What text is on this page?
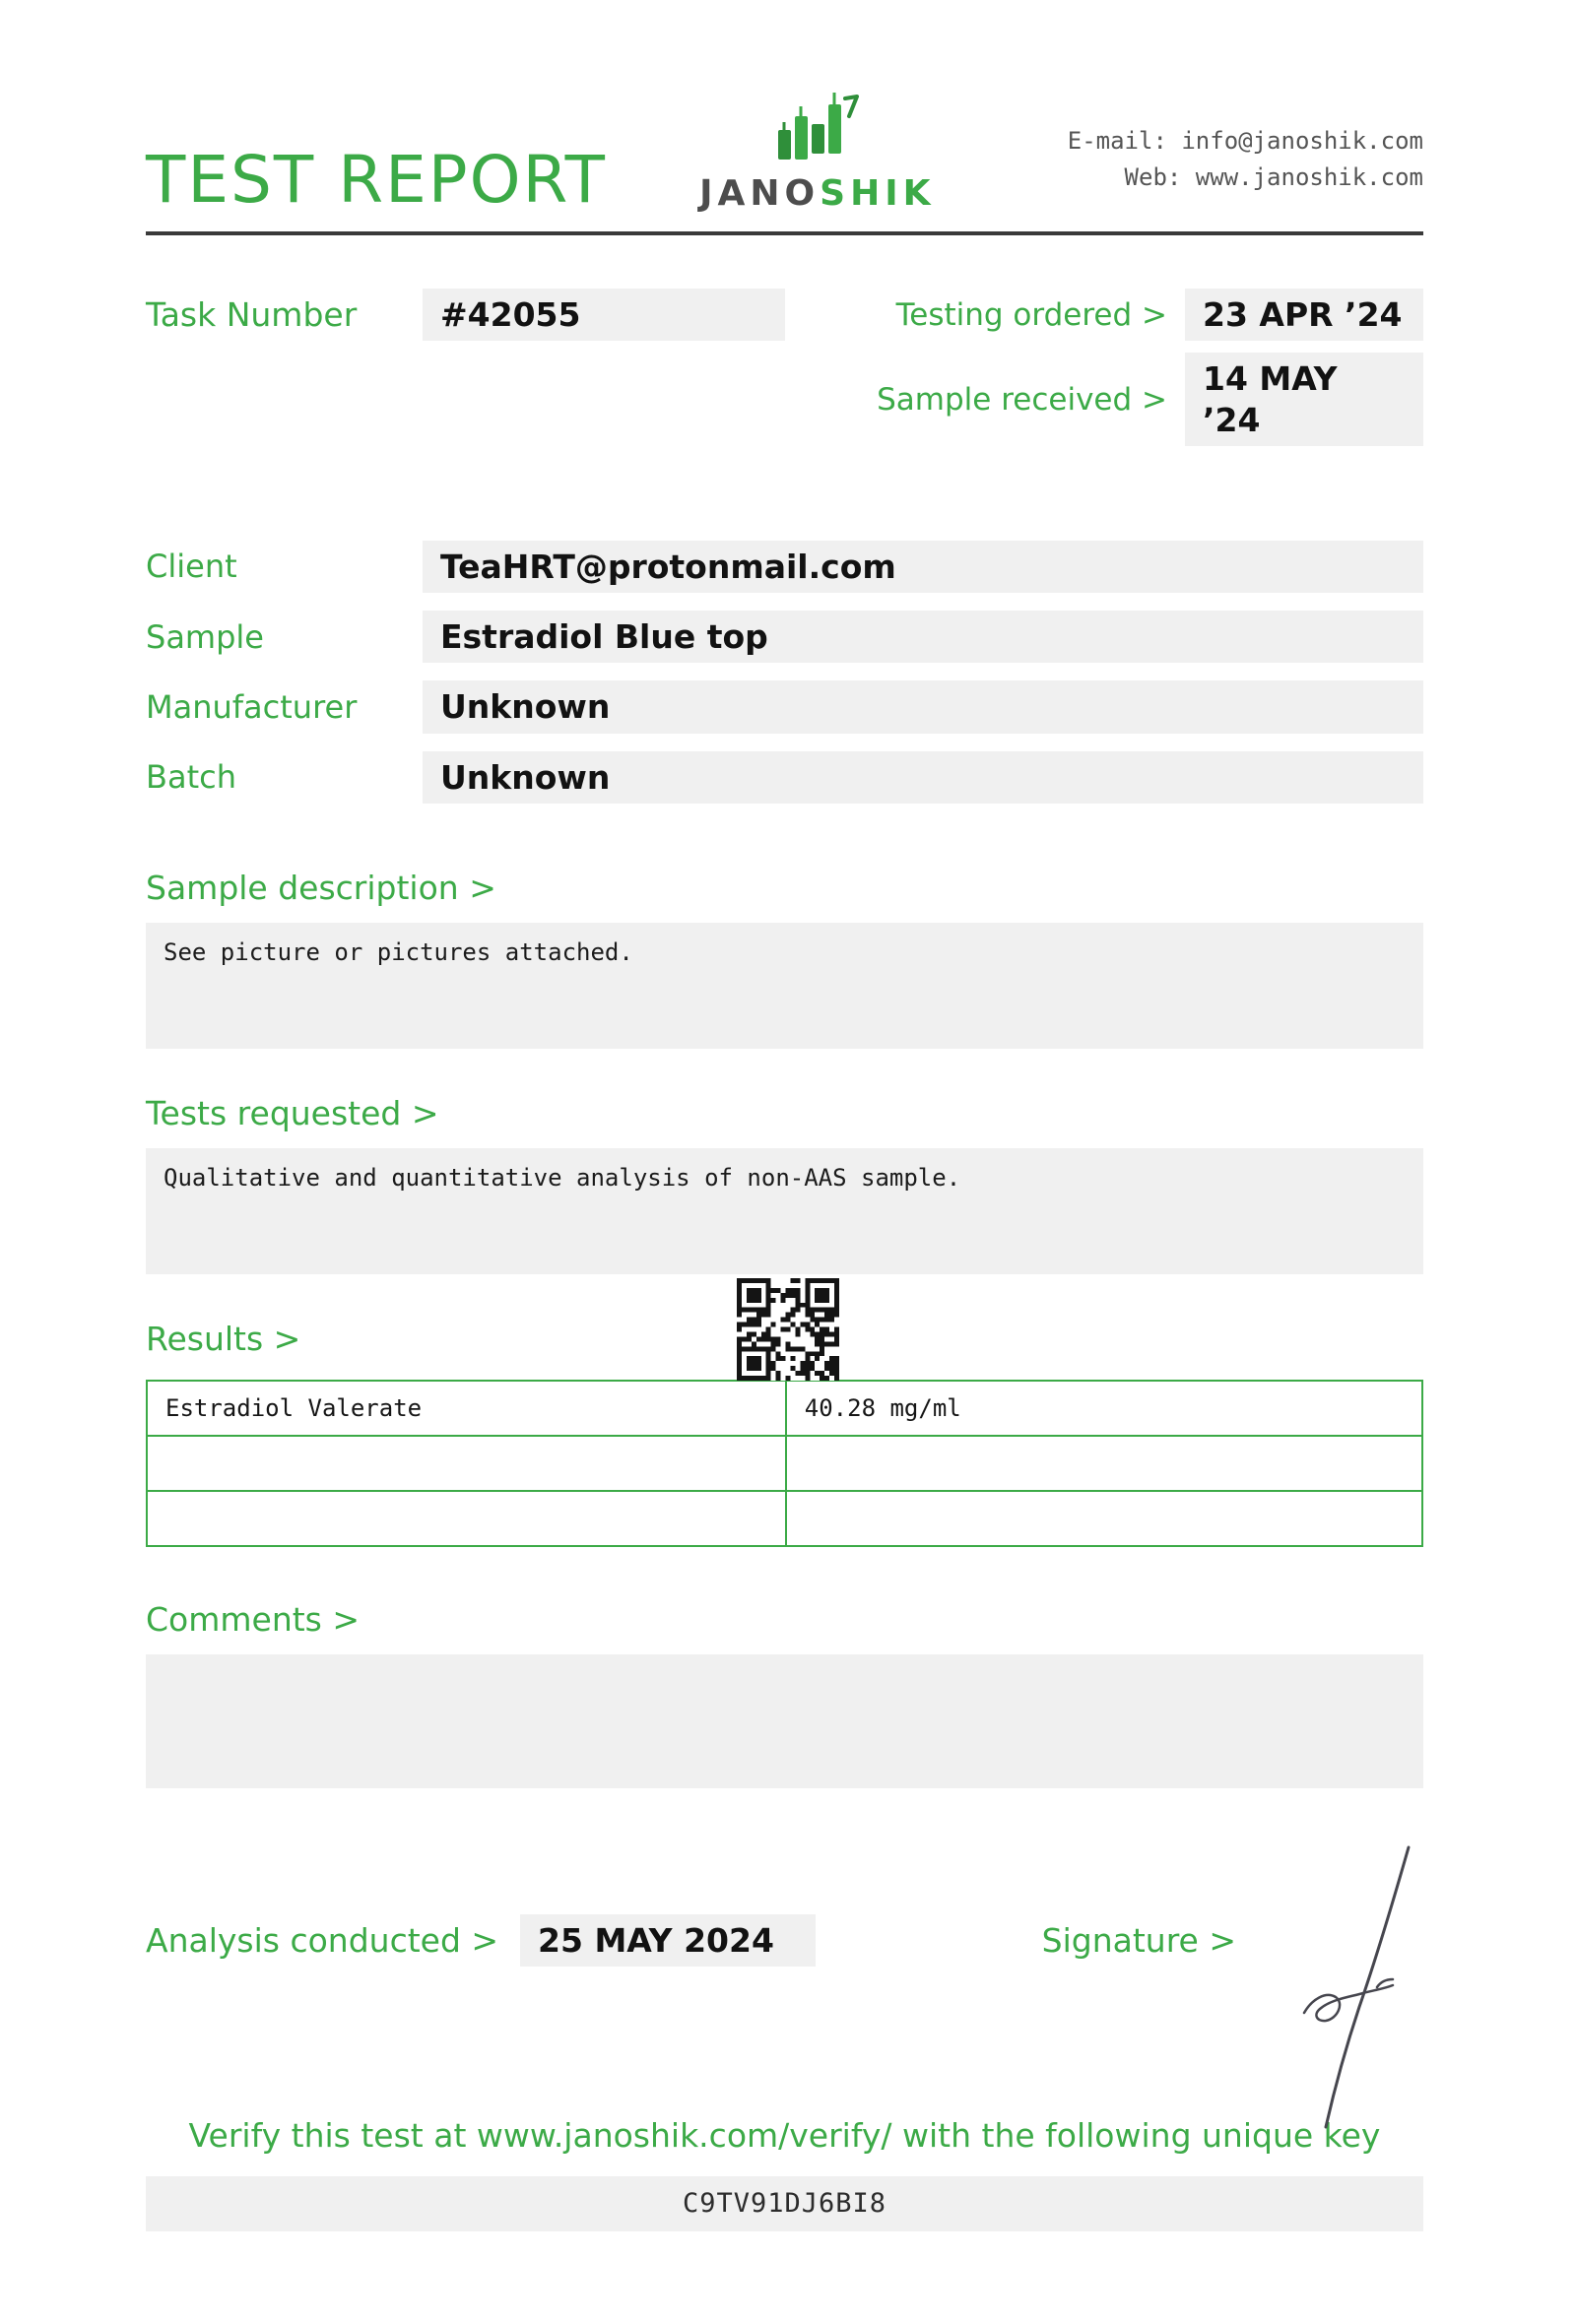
TEST REPORT	JANOSHIK
E-mail: info@janoshik.com
Web: www.janoshik.com
Task Number	#42055	Testing ordered >	23 APR ’24
Sample received >
14 MAY ’24
Client	TeaHRT@protonmail.com
Sample	Estradiol Blue top
Manufacturer	Unknown
Batch	Unknown
Sample description >
See picture or pictures attached.
Tests requested >
Qualitative and quantitative analysis of non-AAS sample.
Results >
Estradiol Valerate	40.28 mg/ml

Comments >
Analysis conducted >	25 MAY 2024	Signature >
Verify this test at www.janoshik.com/verify/ with the following unique key
C9TV91DJ6BI8
